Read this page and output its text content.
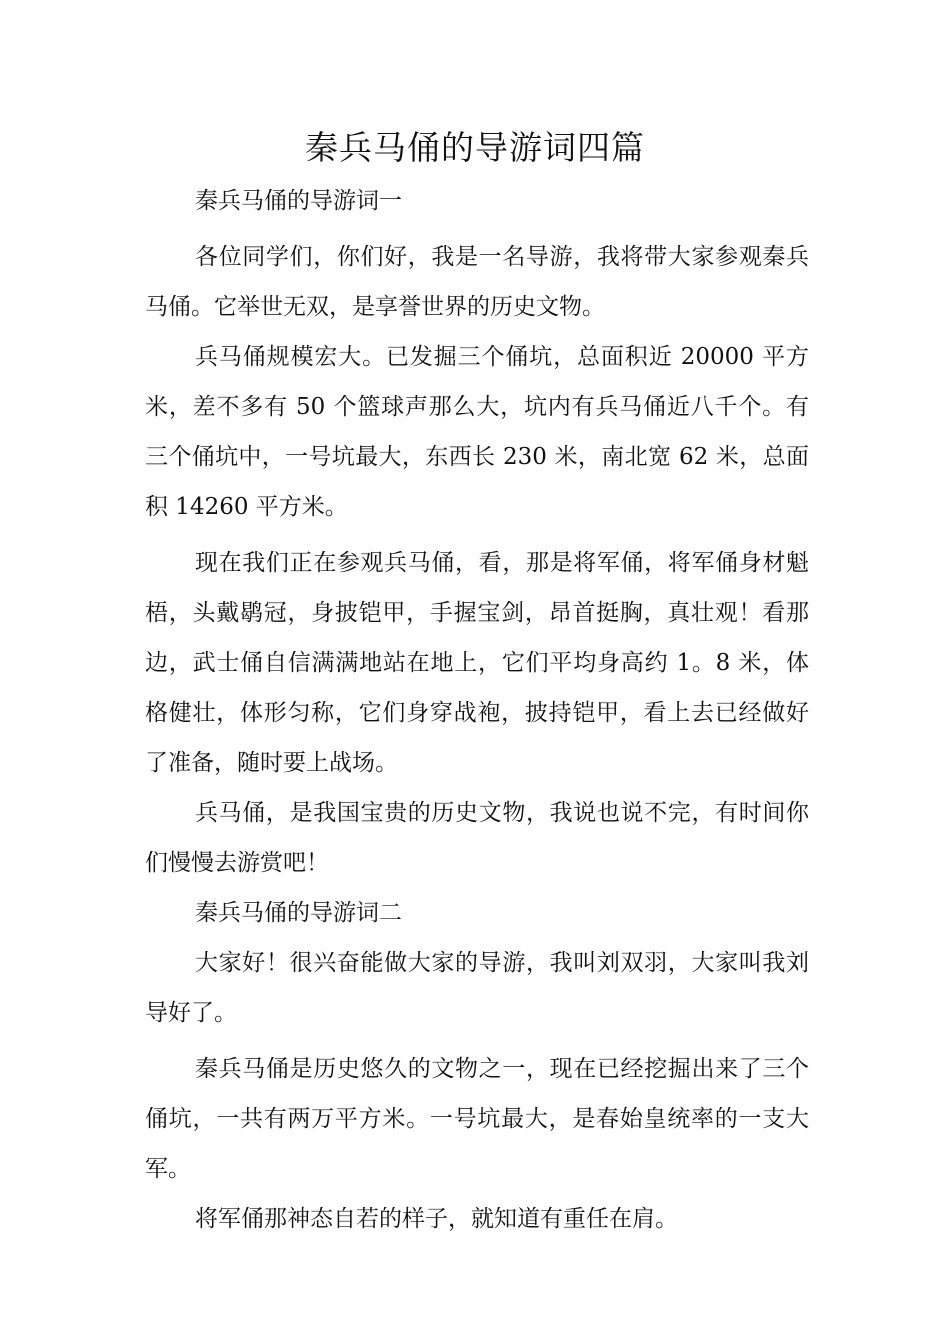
秦兵马俑的导游词四篇

秦兵马俑的导游词一

各位同学们，你们好，我是一名导游，我将带大家参观秦兵马俑。它举世无双，是享誉世界的历史文物。

兵马俑规模宏大。已发掘三个俑坑，总面积近 20000 平方米，差不多有 50 个篮球声那么大，坑内有兵马俑近八千个。有三个俑坑中，一号坑最大，东西长 230 米，南北宽 62 米，总面积 14260 平方米。

现在我们正在参观兵马俑，看，那是将军俑，将军俑身材魁梧，头戴鹖冠，身披铠甲，手握宝剑，昂首挺胸，真壮观！看那边，武士俑自信满满地站在地上，它们平均身高约 1。8 米，体格健壮，体形匀称，它们身穿战袍，披持铠甲，看上去已经做好了准备，随时要上战场。

兵马俑，是我国宝贵的历史文物，我说也说不完，有时间你们慢慢去游赏吧！

秦兵马俑的导游词二

大家好！很兴奋能做大家的导游，我叫刘双羽，大家叫我刘导好了。

秦兵马俑是历史悠久的文物之一，现在已经挖掘出来了三个俑坑，一共有两万平方米。一号坑最大，是春始皇统率的一支大军。

将军俑那神态自若的样子，就知道有重任在肩。
